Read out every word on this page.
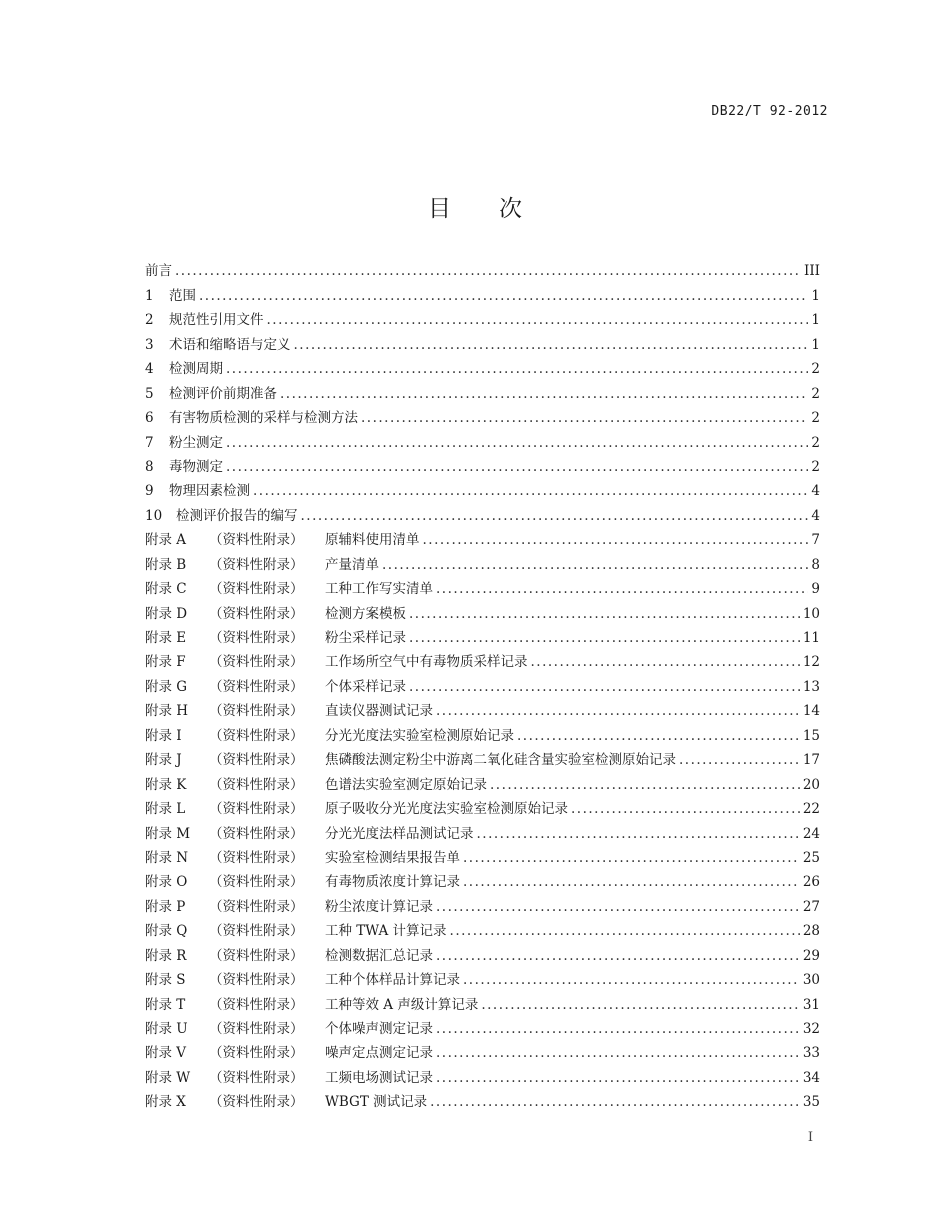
DB22/T 92-2012
目 次
前言 .....	III
1	范围 .....	1
2	规范性引用文件 .....	1
3	术语和缩略语与定义 .....	1
4	检测周期 .....	2
5	检测评价前期准备 .....	2
6	有害物质检测的采样与检测方法 .....	2
7	粉尘测定 .....	2
8	毒物测定 .....	2
9	物理因素检测 .....	4
10	检测评价报告的编写 .....	4
附录 A	（资料性附录）	原辅料使用清单 .....	7
附录 B	（资料性附录）	产量清单 .....	8
附录 C	（资料性附录）	工种工作写实清单 .....	9
附录 D	（资料性附录）	检测方案模板 .....	10
附录 E	（资料性附录）	粉尘采样记录 .....	11
附录 F	（资料性附录）	工作场所空气中有毒物质采样记录 .....	12
附录 G	（资料性附录）	个体采样记录 .....	13
附录 H	（资料性附录）	直读仪器测试记录 .....	14
附录 I	（资料性附录）	分光光度法实验室检测原始记录 .....	15
附录 J	（资料性附录）	焦磷酸法测定粉尘中游离二氧化硅含量实验室检测原始记录 .....	17
附录 K	（资料性附录）	色谱法实验室测定原始记录 .....	20
附录 L	（资料性附录）	原子吸收分光光度法实验室检测原始记录 .....	22
附录 M	（资料性附录）	分光光度法样品测试记录 .....	24
附录 N	（资料性附录）	实验室检测结果报告单 .....	25
附录 O	（资料性附录）	有毒物质浓度计算记录 .....	26
附录 P	（资料性附录）	粉尘浓度计算记录 .....	27
附录 Q	（资料性附录）	工种 TWA 计算记录 .....	28
附录 R	（资料性附录）	检测数据汇总记录 .....	29
附录 S	（资料性附录）	工种个体样品计算记录 .....	30
附录 T	（资料性附录）	工种等效 A 声级计算记录 .....	31
附录 U	（资料性附录）	个体噪声测定记录 .....	32
附录 V	（资料性附录）	噪声定点测定记录 .....	33
附录 W	（资料性附录）	工频电场测试记录 .....	34
附录 X	（资料性附录）	WBGT 测试记录 .....	35
I
